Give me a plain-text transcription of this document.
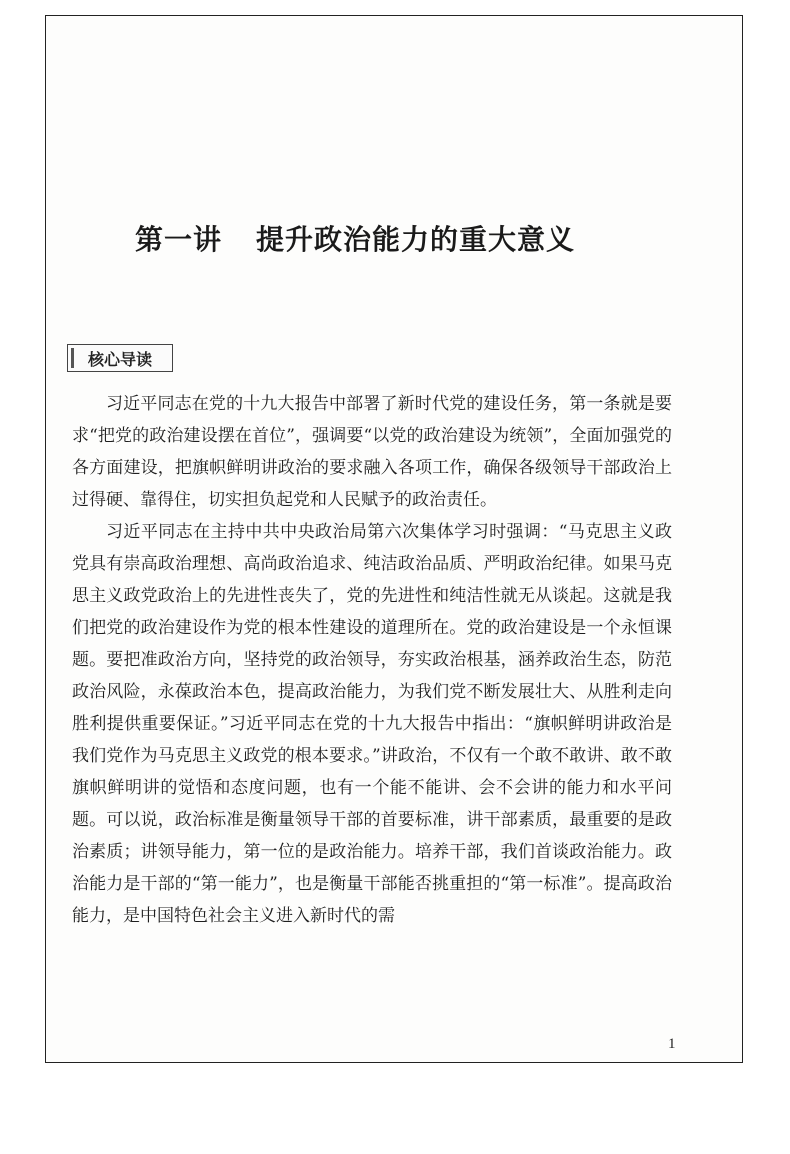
第一讲 提升政治能力的重大意义
核心导读

习近平同志在党的十九大报告中部署了新时代党的建设任务，第一条就是要求“把党的政治建设摆在首位”，强调要“以党的政治建设为统领”，全面加强党的各方面建设，把旗帜鲜明讲政治的要求融入各项工作，确保各级领导干部政治上过得硬、靠得住，切实担负起党和人民赋予的政治责任。

习近平同志在主持中共中央政治局第六次集体学习时强调：“马克思主义政党具有崇高政治理想、高尚政治追求、纯洁政治品质、严明政治纪律。如果马克思主义政党政治上的先进性丧失了，党的先进性和纯洁性就无从谈起。这就是我们把党的政治建设作为党的根本性建设的道理所在。党的政治建设是一个永恒课题。要把准政治方向，坚持党的政治领导，夯实政治根基，涵养政治生态，防范政治风险，永葆政治本色，提高政治能力，为我们党不断发展壮大、从胜利走向胜利提供重要保证。”习近平同志在党的十九大报告中指出：“旗帜鲜明讲政治是我们党作为马克思主义政党的根本要求。”讲政治，不仅有一个敢不敢讲、敢不敢旗帜鲜明讲的觉悟和态度问题，也有一个能不能讲、会不会讲的能力和水平问题。可以说，政治标准是衡量领导干部的首要标准，讲干部素质，最重要的是政治素质；讲领导能力，第一位的是政治能力。培养干部，我们首谈政治能力。政治能力是干部的“第一能力”，也是衡量干部能否挑重担的“第一标准”。提高政治能力，是中国特色社会主义进入新时代的需

1
